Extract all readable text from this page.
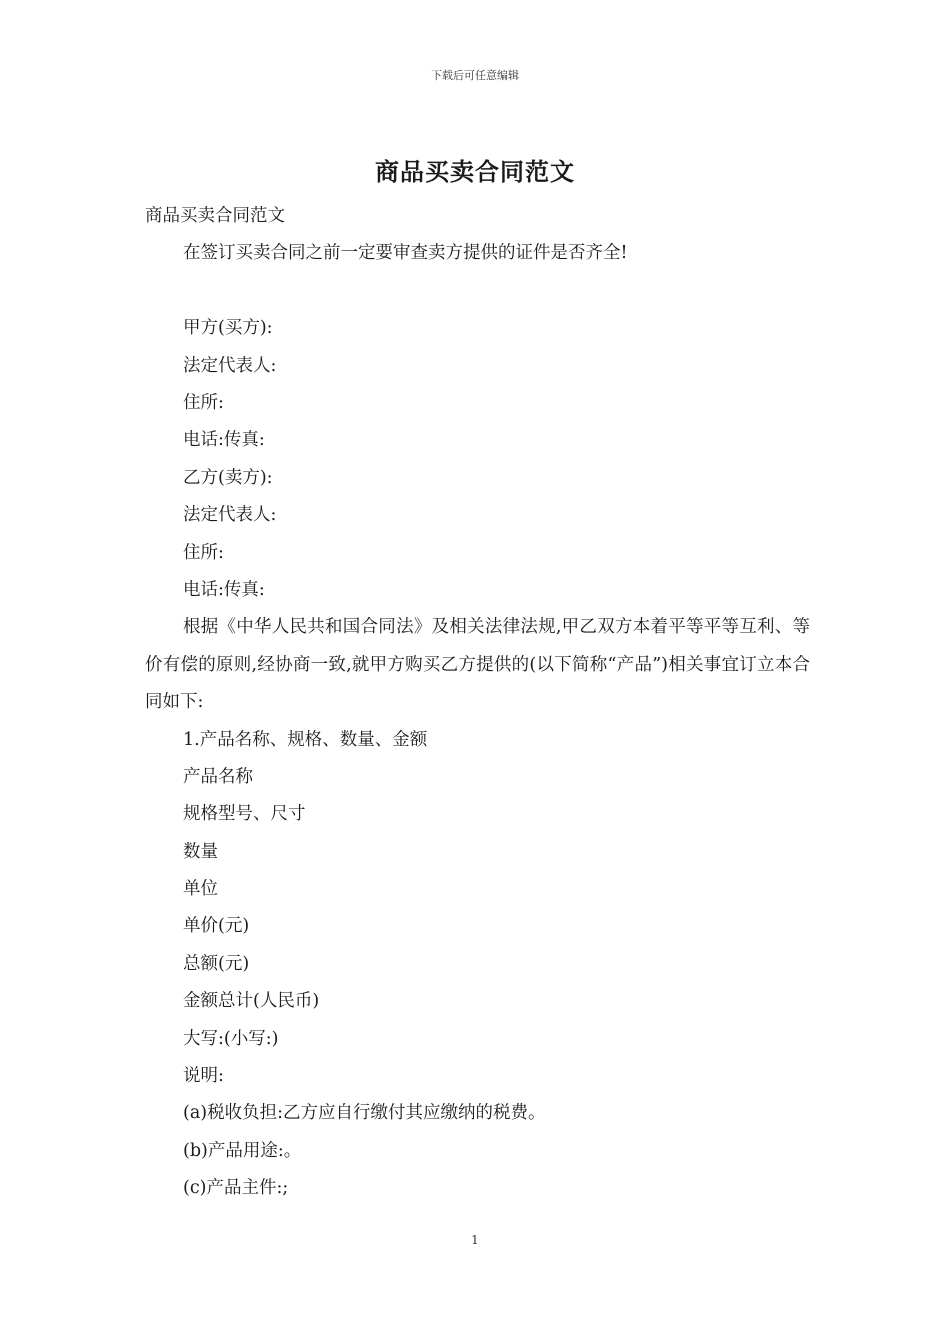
下载后可任意编辑
商品买卖合同范文
商品买卖合同范文
在签订买卖合同之前一定要审查卖方提供的证件是否齐全!
甲方(买方):
法定代表人:
住所:
电话:传真:
乙方(卖方):
法定代表人:
住所:
电话:传真:
根据《中华人民共和国合同法》及相关法律法规,甲乙双方本着平等平等互利、等价有偿的原则,经协商一致,就甲方购买乙方提供的(以下简称“产品”)相关事宜订立本合同如下:
1.产品名称、规格、数量、金额
产品名称
规格型号、尺寸
数量
单位
单价(元)
总额(元)
金额总计(人民币)
大写:(小写:)
说明:
(a)税收负担:乙方应自行缴付其应缴纳的税费。
(b)产品用途:。
(c)产品主件:;
1
